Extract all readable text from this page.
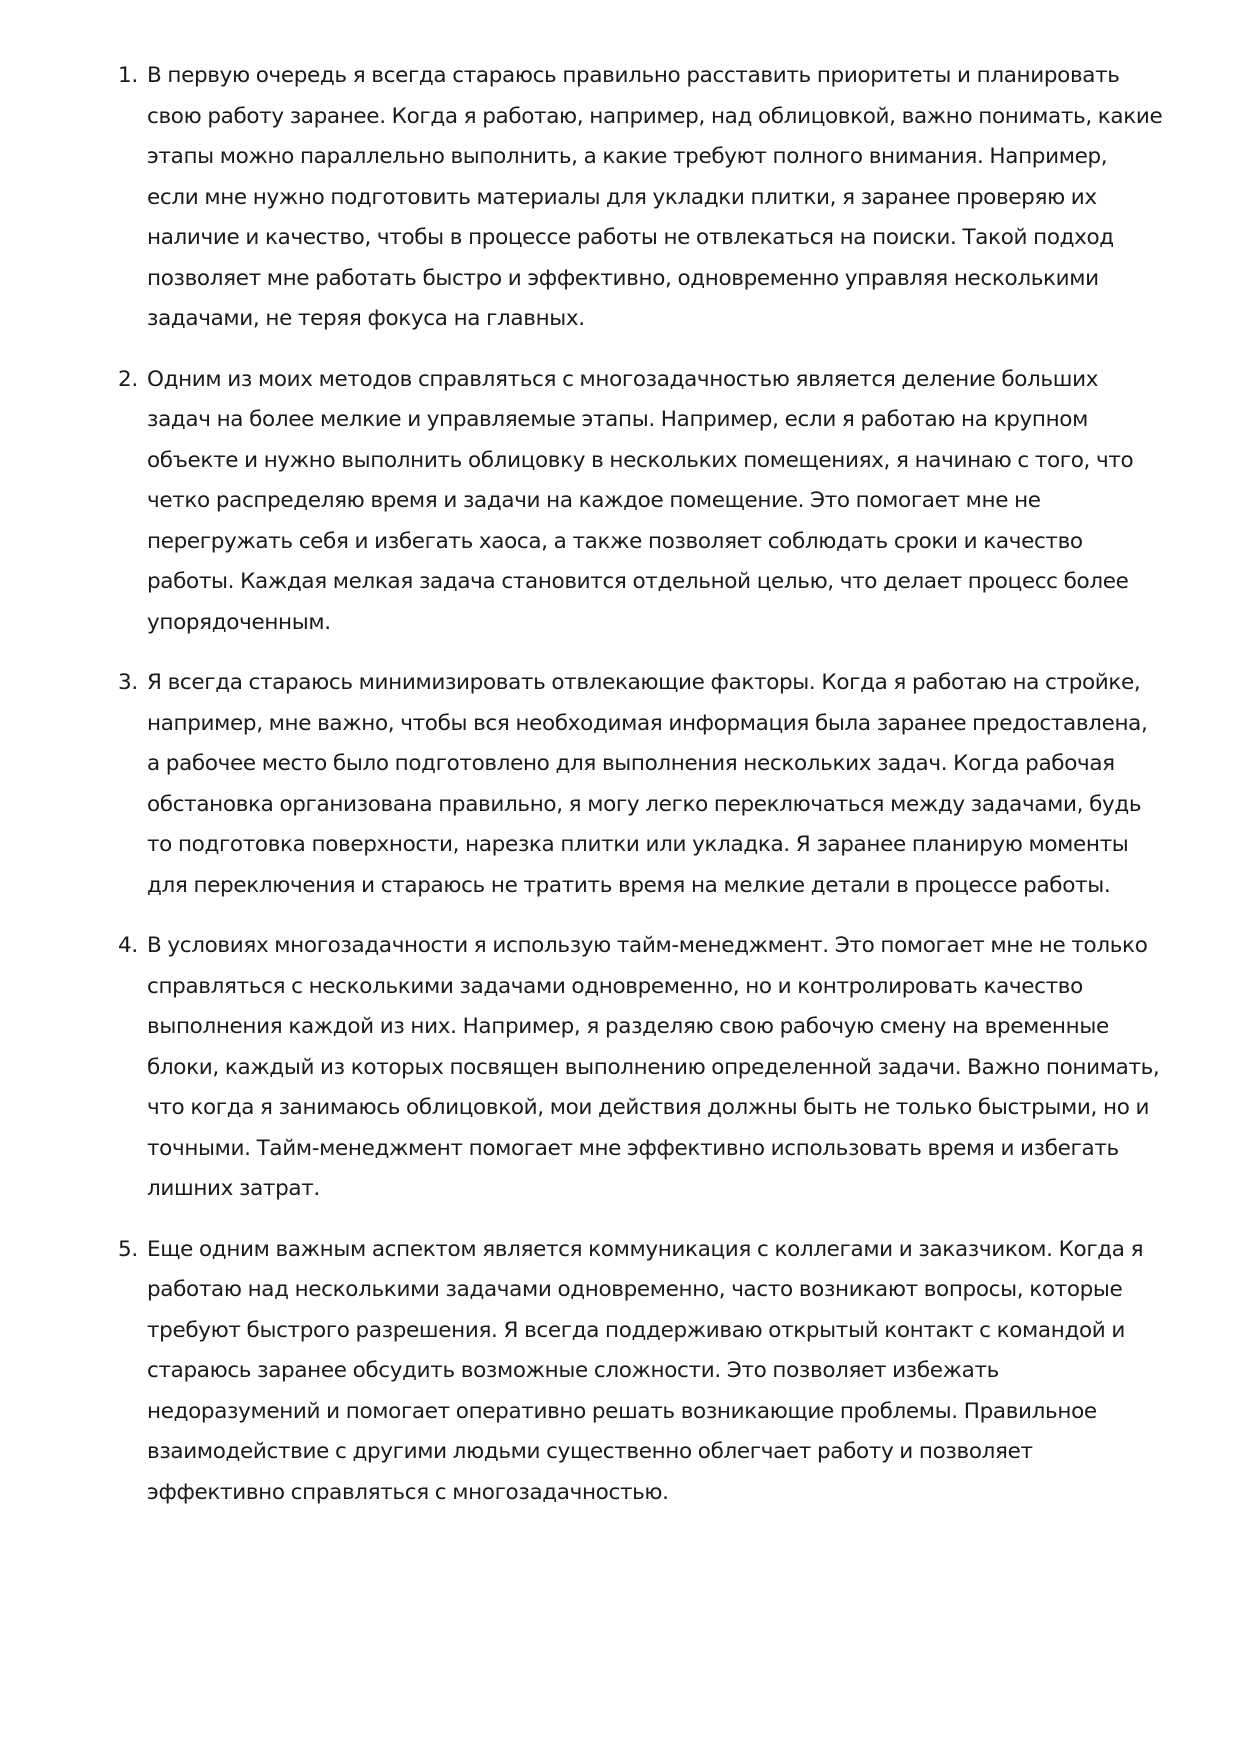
1. В первую очередь я всегда стараюсь правильно расставить приоритеты и планировать свою работу заранее. Когда я работаю, например, над облицовкой, важно понимать, какие этапы можно параллельно выполнить, а какие требуют полного внимания. Например, если мне нужно подготовить материалы для укладки плитки, я заранее проверяю их наличие и качество, чтобы в процессе работы не отвлекаться на поиски. Такой подход позволяет мне работать быстро и эффективно, одновременно управляя несколькими задачами, не теряя фокуса на главных.
2. Одним из моих методов справляться с многозадачностью является деление больших задач на более мелкие и управляемые этапы. Например, если я работаю на крупном объекте и нужно выполнить облицовку в нескольких помещениях, я начинаю с того, что четко распределяю время и задачи на каждое помещение. Это помогает мне не перегружать себя и избегать хаоса, а также позволяет соблюдать сроки и качество работы. Каждая мелкая задача становится отдельной целью, что делает процесс более упорядоченным.
3. Я всегда стараюсь минимизировать отвлекающие факторы. Когда я работаю на стройке, например, мне важно, чтобы вся необходимая информация была заранее предоставлена, а рабочее место было подготовлено для выполнения нескольких задач. Когда рабочая обстановка организована правильно, я могу легко переключаться между задачами, будь то подготовка поверхности, нарезка плитки или укладка. Я заранее планирую моменты для переключения и стараюсь не тратить время на мелкие детали в процессе работы.
4. В условиях многозадачности я использую тайм-менеджмент. Это помогает мне не только справляться с несколькими задачами одновременно, но и контролировать качество выполнения каждой из них. Например, я разделяю свою рабочую смену на временные блоки, каждый из которых посвящен выполнению определенной задачи. Важно понимать, что когда я занимаюсь облицовкой, мои действия должны быть не только быстрыми, но и точными. Тайм-менеджмент помогает мне эффективно использовать время и избегать лишних затрат.
5. Еще одним важным аспектом является коммуникация с коллегами и заказчиком. Когда я работаю над несколькими задачами одновременно, часто возникают вопросы, которые требуют быстрого разрешения. Я всегда поддерживаю открытый контакт с командой и стараюсь заранее обсудить возможные сложности. Это позволяет избежать недоразумений и помогает оперативно решать возникающие проблемы. Правильное взаимодействие с другими людьми существенно облегчает работу и позволяет эффективно справляться с многозадачностью.
